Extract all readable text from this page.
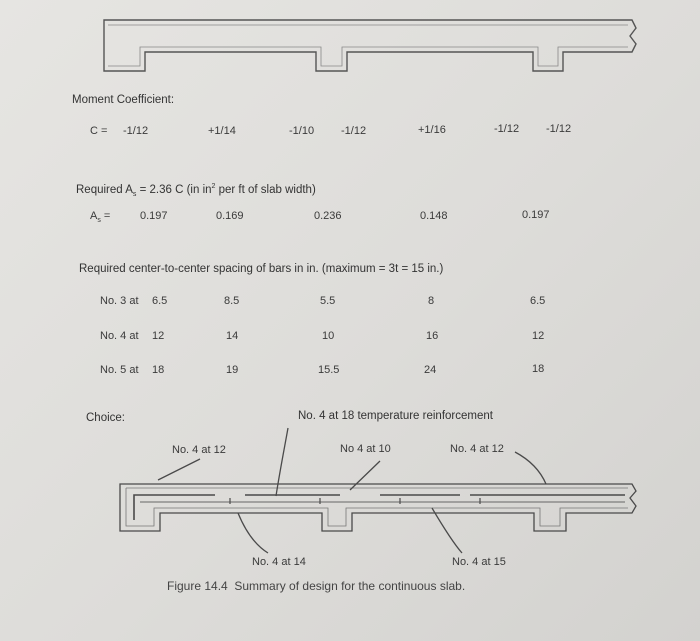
Moment Coefficient:
C = -1/12	+1/14	-1/10 -1/12	+1/16	-1/12 -1/12
Required $A_s = 2.36$ C (in $in^2$ per ft of slab width)
$A_s$ =	0.197	0.169	0.236	0.148	0.197
Required center-to-center spacing of bars in in. (maximum = 3t = 15 in.)
No. 3 at 6.5	8.5	5.5	8	6.5
No. 4 at 12	14	10	16	12
No. 5 at 18	19	15.5	24	18
Choice:	No. 4 at 18 temperature reinforcement
No. 4 at 12	No 4 at 10	No. 4 at 12
No. 4 at 14	No. 4 at 15
Figure 14.4 Summary of design for the continuous slab.
